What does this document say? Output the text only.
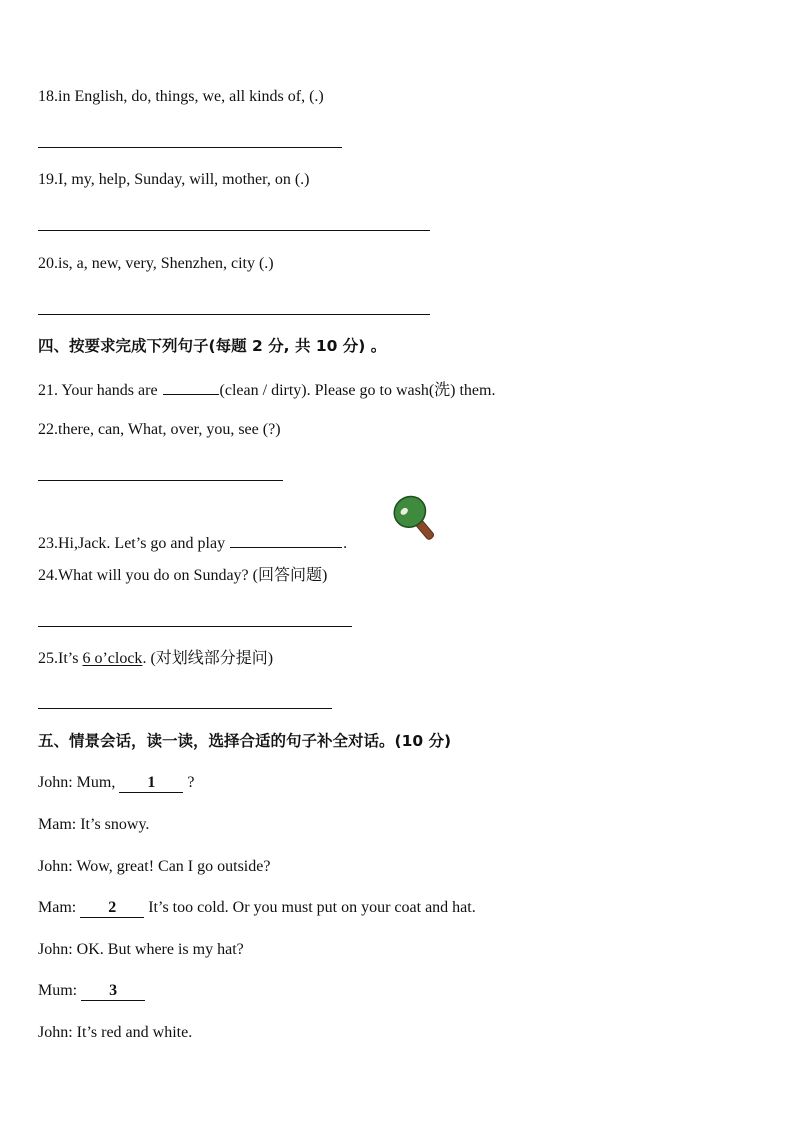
18.in English, do, things, we, all kinds of, (.)

19.I, my, help, Sunday, will, mother, on (.)

20.is, a, new, very, Shenzhen, city (.)

四、按要求完成下列句子(每题 2 分, 共 10 分) 。

21. Your hands are	(clean / dirty). Please go to wash(洗) them.

22.there, can, What, over, you, see (?)

23.Hi,Jack. Let’s go and play	.

24.What will you do on Sunday? (回答问题)

25.It’s 6 o’clock. (对划线部分提问)

五、情景会话，读一读，选择合适的句子补全对话。(10 分)

John: Mum, 1 ?

Mam: It’s snowy.

John: Wow, great! Can I go outside?

Mam: 2 It’s too cold. Or you must put on your coat and hat.

John: OK. But where is my hat?

Mum: 3

John: It’s red and white.
